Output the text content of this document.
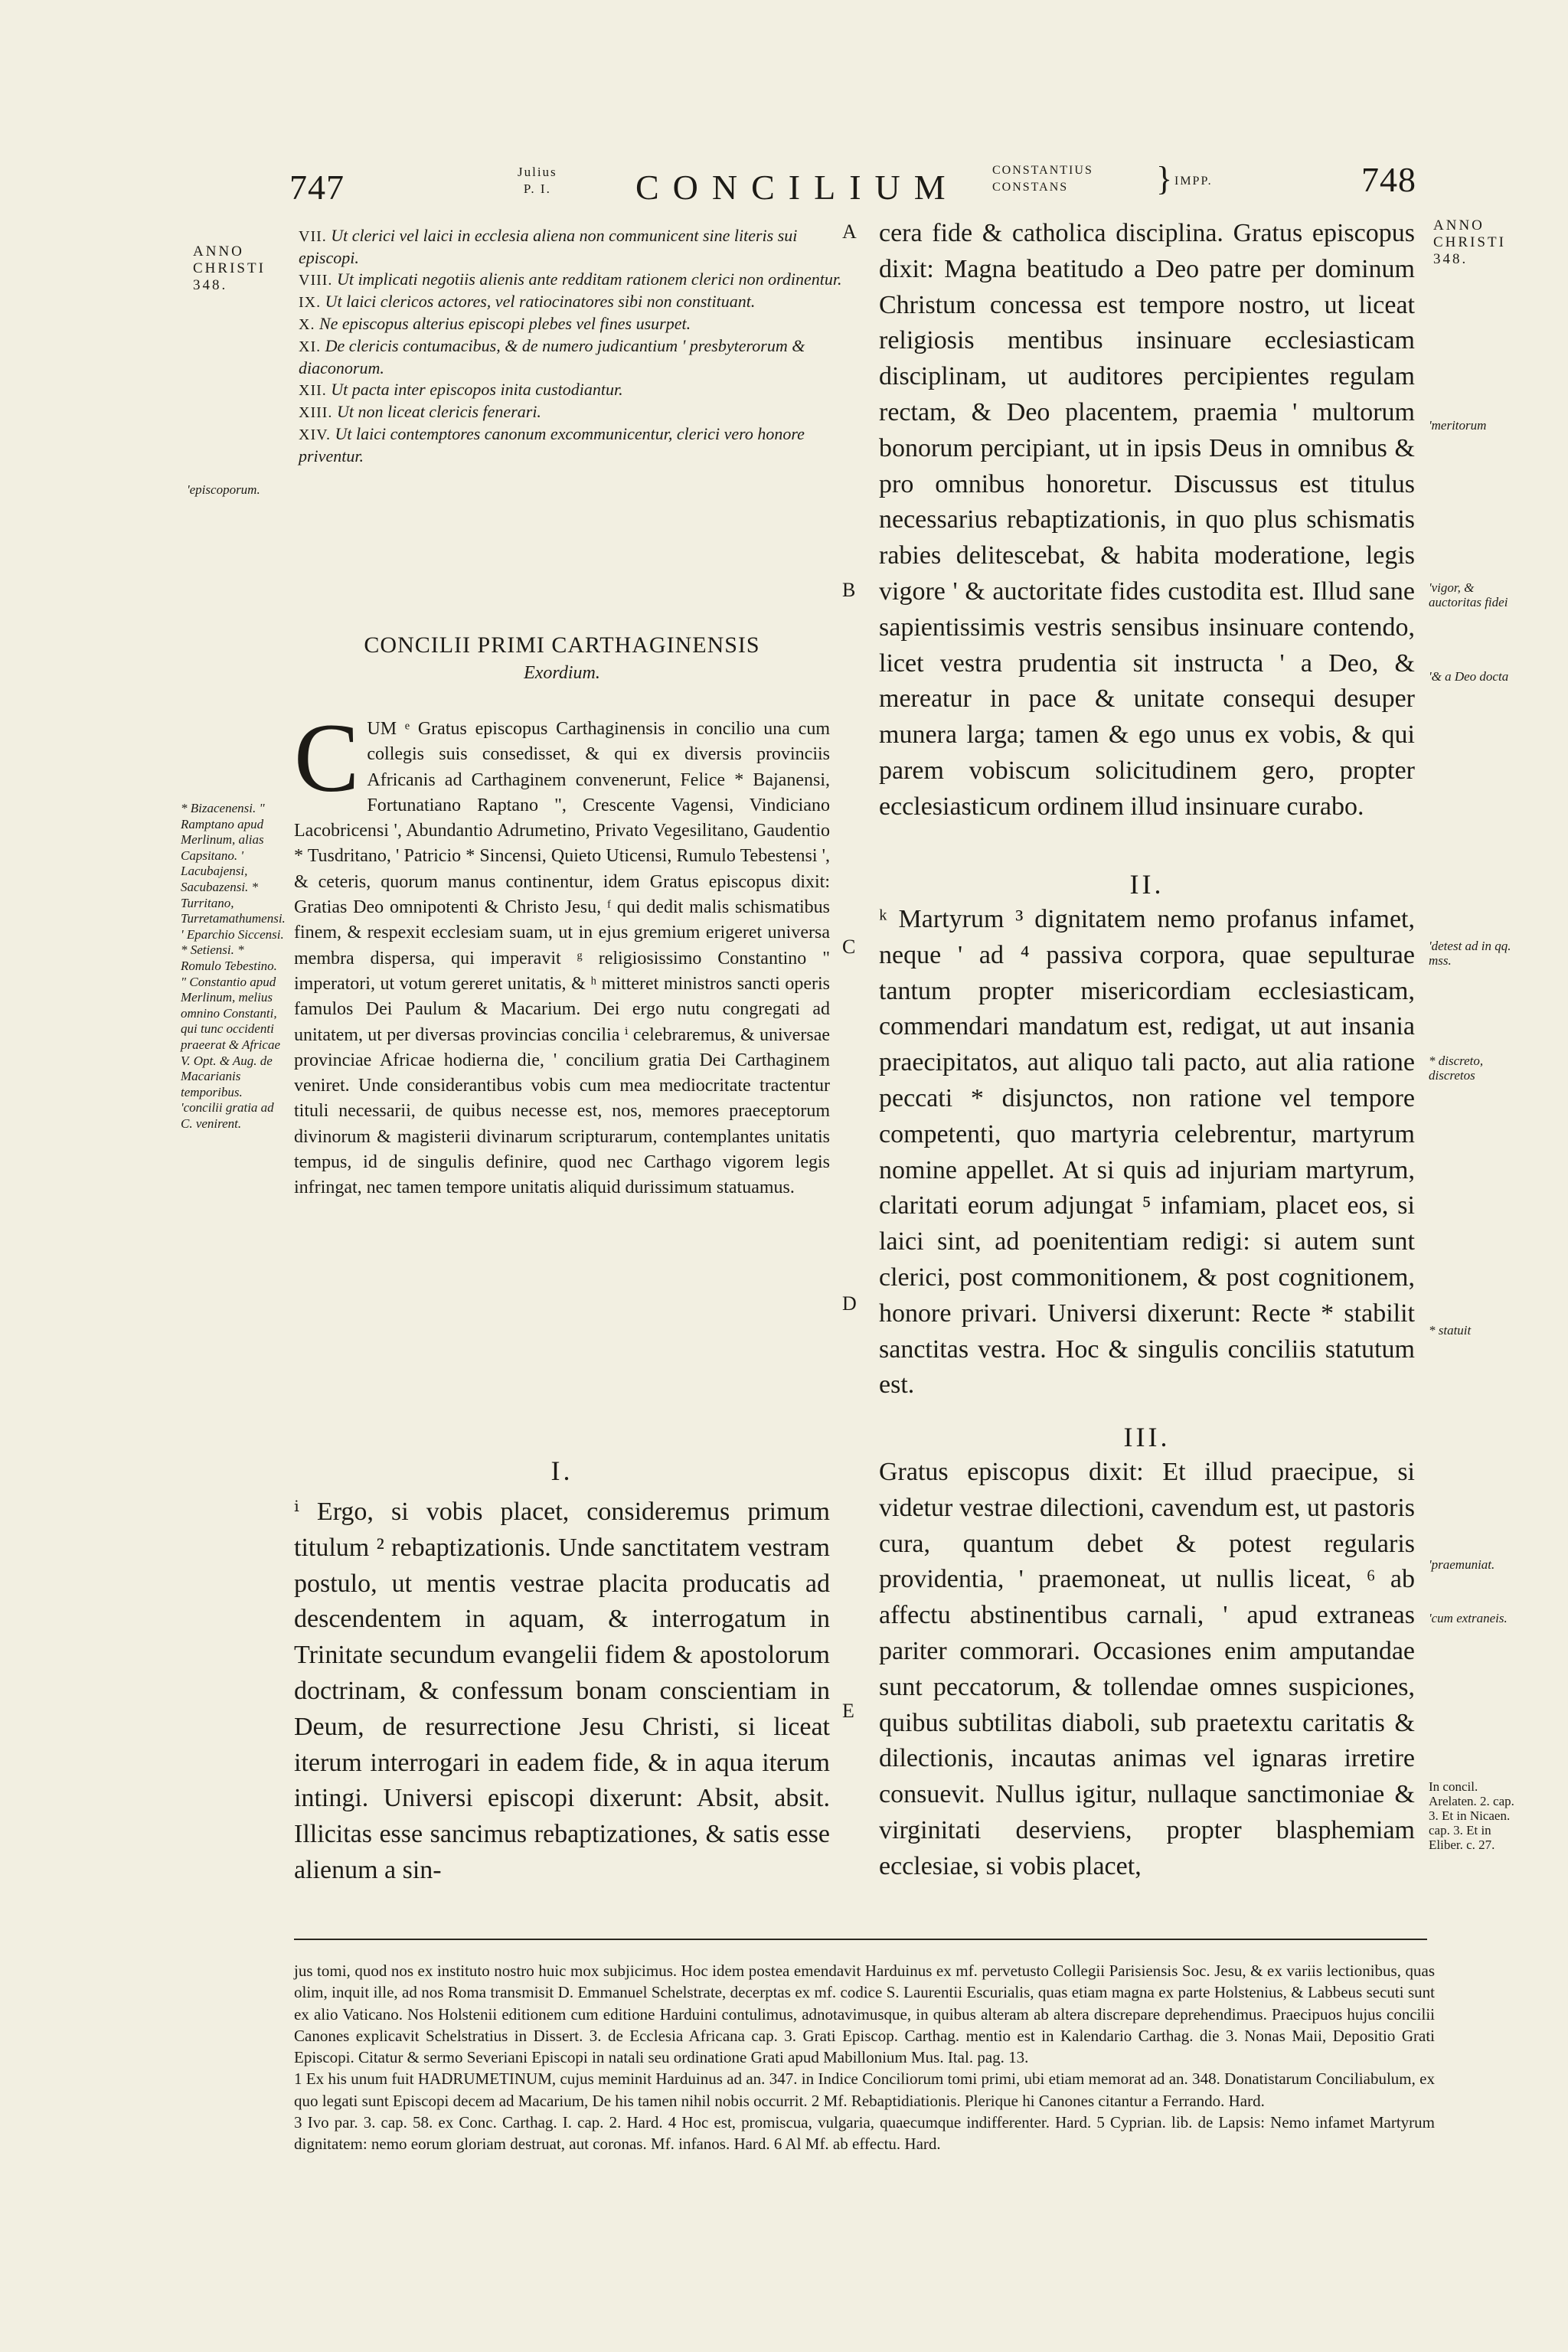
747	Julius
P. I. CONCILIUM	CONSTANTIUS
CONSTANS	} IMPP.	748
ANNO
CHRISTI
348.
'episcoporum.
* Bizacenensi. " Ramptano apud Merlinum, alias Capsitano. ' Lacubajensi, Sacubazensi. * Turritano, Turretamathumensi. ' Eparchio Siccensi. * Setiensi. * Romulo Tebestino. " Constantio apud Merlinum, melius omnino Constanti, qui tunc occidenti praeerat & Africae V. Opt. & Aug. de Macarianis temporibus. 'concilii gratia ad C. venirent.
ANNO
CHRISTI
348.
'meritorum
'vigor, & auctoritas fidei
'& a Deo docta
'detest ad in qq. mss.
* discreto, discretos
* statuit
'praemuniat.
'cum extraneis.
In concil. Arelaten. 2. cap. 3. Et in Nicaen. cap. 3. Et in Eliber. c. 27.
A
B
C
D
E
VII. Ut clerici vel laici in ecclesia aliena non communicent sine literis sui episcopi.
VIII. Ut implicati negotiis alienis ante redditam rationem clerici non ordinentur.
IX. Ut laici clericos actores, vel ratiocinatores sibi non constituant.
X. Ne episcopus alterius episcopi plebes vel fines usurpet.
XI. De clericis contumacibus, & de numero judicantium ' presbyterorum & diaconorum.
XII. Ut pacta inter episcopos inita custodiantur.
XIII. Ut non liceat clericis fenerari.
XIV. Ut laici contemptores canonum excommunicentur, clerici vero honore priventur.
CONCILII PRIMI CARTHAGINENSIS
Exordium.
C UM ᵉ Gratus episcopus Carthaginensis in concilio una cum collegis suis consedisset, & qui ex diversis provinciis Africanis ad Carthaginem convenerunt, Felice * Bajanensi, Fortunatiano Raptano ", Crescente Vagensi, Vindiciano Lacobricensi ', Abundantio Adrumetino, Privato Vegesilitano, Gaudentio * Tusdritano, ' Patricio * Sincensi, Quieto Uticensi, Rumulo Tebestensi ', & ceteris, quorum manus continentur, idem Gratus episcopus dixit: Gratias Deo omnipotenti & Christo Jesu, ᶠ qui dedit malis schismatibus finem, & respexit ecclesiam suam, ut in ejus gremium erigeret universa membra dispersa, qui imperavit ᵍ religiosissimo Constantino " imperatori, ut votum gereret unitatis, & ʰ mitteret ministros sancti operis famulos Dei Paulum & Macarium. Dei ergo nutu congregati ad unitatem, ut per diversas provincias concilia ⁱ celebraremus, & universae provinciae Africae hodierna die, ' concilium gratia Dei Carthaginem veniret. Unde considerantibus vobis cum mea mediocritate tractentur tituli necessarii, de quibus necesse est, nos, memores praeceptorum divinorum & magisterii divinarum scripturarum, contemplantes unitatis tempus, id de singulis definire, quod nec Carthago vigorem legis infringat, nec tamen tempore unitatis aliquid durissimum statuamus.

I.

ⁱ Ergo, si vobis placet, consideremus primum titulum ² rebaptizationis. Unde sanctitatem vestram postulo, ut mentis vestrae placita producatis ad descendentem in aquam, & interrogatum in Trinitate secundum evangelii fidem & apostolorum doctrinam, & confessum bonam conscientiam in Deum, de resurrectione Jesu Christi, si liceat iterum interrogari in eadem fide, & in aqua iterum intingi. Universi episcopi dixerunt: Absit, absit. Illicitas esse sancimus rebaptizationes, & satis esse alienum a sin-

cera fide & catholica disciplina. Gratus episcopus dixit: Magna beatitudo a Deo patre per dominum Christum concessa est tempore nostro, ut liceat religiosis mentibus insinuare ecclesiasticam disciplinam, ut auditores percipientes regulam rectam, & Deo placentem, praemia ' multorum bonorum percipiant, ut in ipsis Deus in omnibus & pro omnibus honoretur. Discussus est titulus necessarius rebaptizationis, in quo plus schismatis rabies delitescebat, & habita moderatione, legis vigore ' & auctoritate fides custodita est. Illud sane sapientissimis vestris sensibus insinuare contendo, licet vestra prudentia sit instructa ' a Deo, & mereatur in pace & unitate consequi desuper munera larga; tamen & ego unus ex vobis, & qui parem vobiscum solicitudinem gero, propter ecclesiasticum ordinem illud insinuare curabo.

II.

ᵏ Martyrum ³ dignitatem nemo profanus infamet, neque ' ad ⁴ passiva corpora, quae sepulturae tantum propter misericordiam ecclesiasticam, commendari mandatum est, redigat, ut aut insania praecipitatos, aut aliquo tali pacto, aut alia ratione peccati * disjunctos, non ratione vel tempore competenti, quo martyria celebrentur, martyrum nomine appellet. At si quis ad injuriam martyrum, claritati eorum adjungat ⁵ infamiam, placet eos, si laici sint, ad poenitentiam redigi: si autem sunt clerici, post commonitionem, & post cognitionem, honore privari. Universi dixerunt: Recte * stabilit sanctitas vestra. Hoc & singulis conciliis statutum est.

III.

Gratus episcopus dixit: Et illud praecipue, si videtur vestrae dilectioni, cavendum est, ut pastoris cura, quantum debet & potest regularis providentia, ' praemoneat, ut nullis liceat, ⁶ ab affectu abstinentibus carnali, ' apud extraneas pariter commorari. Occasiones enim amputandae sunt peccatorum, & tollendae omnes suspiciones, quibus subtilitas diaboli, sub praetextu caritatis & dilectionis, incautas animas vel ignaras irretire consuevit. Nullus igitur, nullaque sanctimoniae & virginitati deserviens, propter blasphemiam ecclesiae, si vobis placet,

jus tomi, quod nos ex instituto nostro huic mox subjicimus. Hoc idem postea emendavit Harduinus ex mf. pervetusto Collegii Parisiensis Soc. Jesu, & ex variis lectionibus, quas olim, inquit ille, ad nos Roma transmisit D. Emmanuel Schelstrate, decerptas ex mf. codice S. Laurentii Escurialis, quas etiam magna ex parte Holstenius, & Labbeus secuti sunt ex alio Vaticano. Nos Holstenii editionem cum editione Harduini contulimus, adnotavimusque, in quibus alteram ab altera discrepare deprehendimus. Praecipuos hujus concilii Canones explicavit Schelstratius in Dissert. 3. de Ecclesia Africana cap. 3. Grati Episcop. Carthag. mentio est in Kalendario Carthag. die 3. Nonas Maii, Depositio Grati Episcopi. Citatur & sermo Severiani Episcopi in natali seu ordinatione Grati apud Mabillonium Mus. Ital. pag. 13.

1 Ex his unum fuit HADRUMETINUM, cujus meminit Harduinus ad an. 347. in Indice Conciliorum tomi primi, ubi etiam memorat ad an. 348. Donatistarum Conciliabulum, ex quo legati sunt Episcopi decem ad Macarium, De his tamen nihil nobis occurrit. 2 Mf. Rebaptidiationis. Plerique hi Canones citantur a Ferrando. Hard.

3 Ivo par. 3. cap. 58. ex Conc. Carthag. I. cap. 2. Hard. 4 Hoc est, promiscua, vulgaria, quaecumque indifferenter. Hard. 5 Cyprian. lib. de Lapsis: Nemo infamet Martyrum dignitatem: nemo eorum gloriam destruat, aut coronas. Mf. infanos. Hard. 6 Al Mf. ab effectu. Hard.
